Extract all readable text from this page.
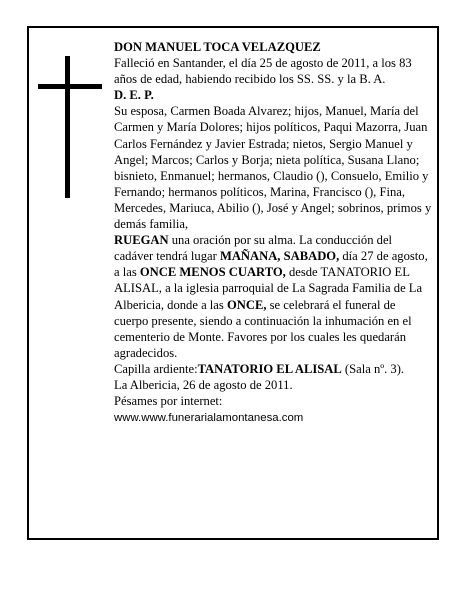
DON MANUEL TOCA VELAZQUEZ

Falleció en Santander, el día 25 de agosto de 2011, a los 83 años de edad, habiendo recibido los SS. SS. y la B. A.

D. E. P.

Su esposa, Carmen Boada Alvarez; hijos, Manuel, María del Carmen y María Dolores; hijos políticos, Paqui Mazorra, Juan Carlos Fernández y Javier Estrada; nietos, Sergio Manuel y Angel; Marcos; Carlos y Borja; nieta política, Susana Llano; bisnieto, Enmanuel; hermanos, Claudio (), Consuelo, Emilio y Fernando; hermanos políticos, Marina, Francisco (), Fina, Mercedes, Mariuca, Abilio (), José y Angel; sobrinos, primos y demás familia,

RUEGAN una oración por su alma. La conducción del cadáver tendrá lugar MAÑANA, SABADO, día 27 de agosto, a las ONCE MENOS CUARTO, desde TANATORIO EL ALISAL, a la iglesia parroquial de La Sagrada Familia de La Albericia, donde a las ONCE, se celebrará el funeral de cuerpo presente, siendo a continuación la inhumación en el cementerio de Monte. Favores por los cuales les quedarán agradecidos.

Capilla ardiente:TANATORIO EL ALISAL (Sala nº. 3).

La Albericia, 26 de agosto de 2011.

Pésames por internet:

www.www.funerarialamontanesa.com
